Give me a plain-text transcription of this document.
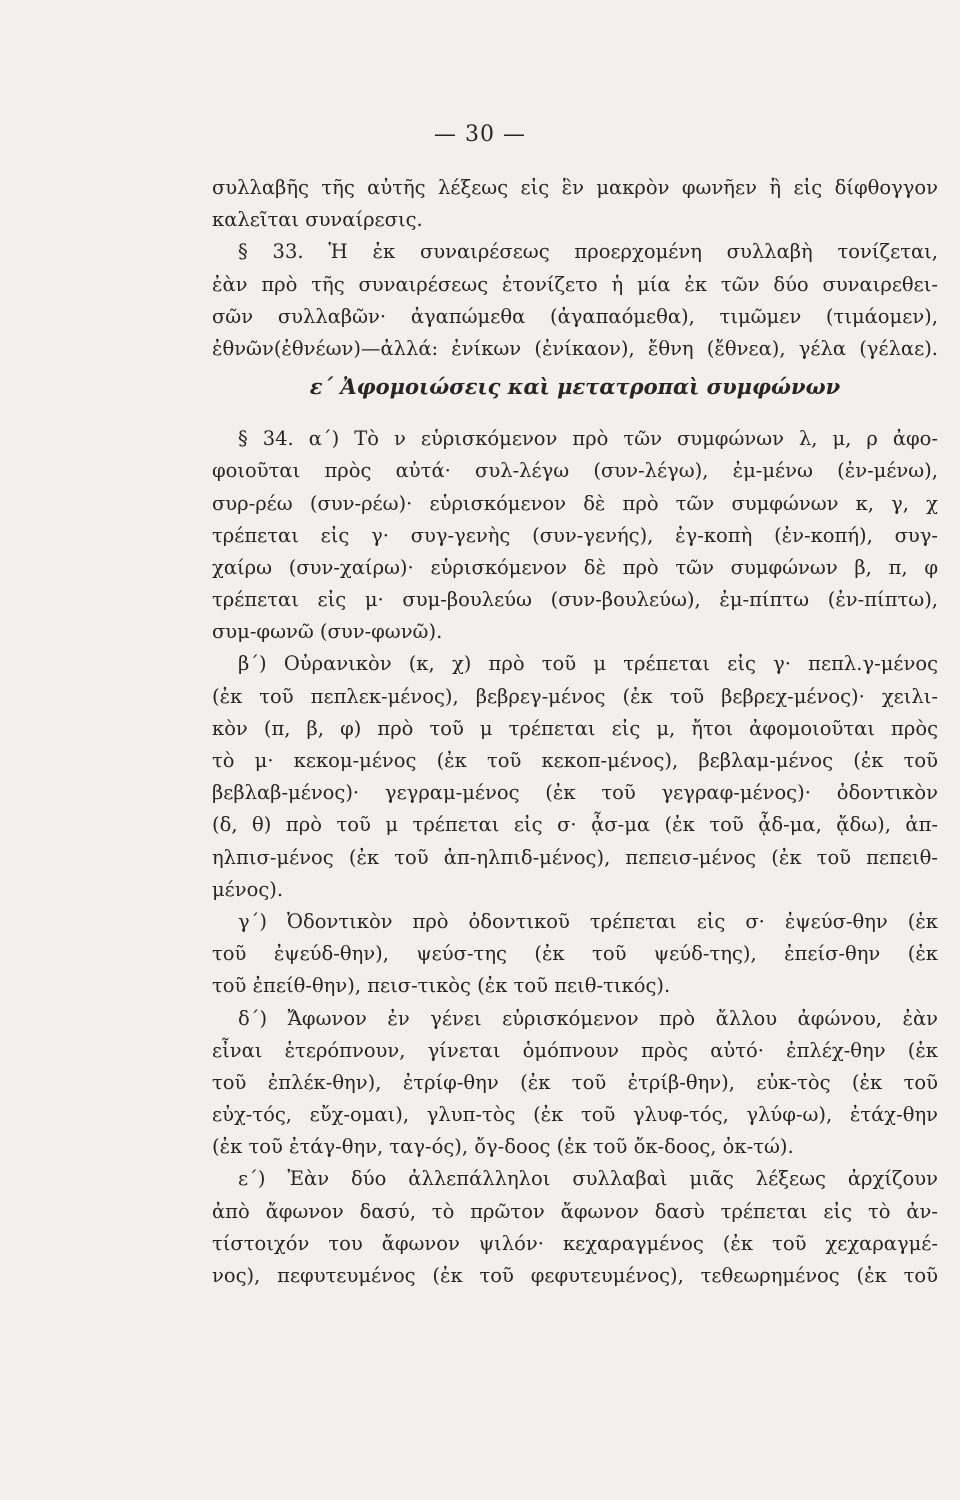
— 30 —
συλλαβῆς τῆς αὐτῆς λέξεως εἰς ἓν μακρὸν φωνῆεν ἢ εἰς δίφθογγον
καλεῖται συναίρεσις.
§ 33. Ἡ ἐκ συναιρέσεως προερχομένη συλλαβὴ τονίζεται,
ἐὰν πρὸ τῆς συναιρέσεως ἐτονίζετο ἡ μία ἐκ τῶν δύο συναιρεθει-
σῶν συλλαβῶν· ἀγαπώμεθα (ἀγαπαόμεθα), τιμῶμεν (τιμάομεν),
ἐθνῶν(ἐθνέων)—ἀλλά: ἐνίκων (ἐνίκαον), ἔθνη (ἔθνεα), γέλα (γέλαε).
ε΄ Ἀφομοιώσεις καὶ μετατροπαὶ συμφώνων
§ 34. α΄) Τὸ ν εὑρισκόμενον πρὸ τῶν συμφώνων λ, μ, ρ ἀφο-
φοιοῦται πρὸς αὐτά· συλ-λέγω (συν-λέγω), ἐμ-μένω (ἐν-μένω),
συρ-ρέω (συν-ρέω)· εὑρισκόμενον δὲ πρὸ τῶν συμφώνων κ, γ, χ
τρέπεται εἰς γ· συγ-γενὴς (συν-γενής), ἐγ-κοπὴ (ἐν-κοπή), συγ-
χαίρω (συν-χαίρω)· εὑρισκόμενον δὲ πρὸ τῶν συμφώνων β, π, φ
τρέπεται εἰς μ· συμ-βουλεύω (συν-βουλεύω), ἐμ-πίπτω (ἐν-πίπτω),
συμ-φωνῶ (συν-φωνῶ).
β΄) Οὐρανικὸν (κ, χ) πρὸ τοῦ μ τρέπεται εἰς γ· πεπλ.γ-μένος
(ἐκ τοῦ πεπλεκ-μένος), βεβρεγ-μένος (ἐκ τοῦ βεβρεχ-μένος)· χειλι-
κὸν (π, β, φ) πρὸ τοῦ μ τρέπεται εἰς μ, ἤτοι ἀφομοιοῦται πρὸς
τὸ μ· κεκομ-μένος (ἐκ τοῦ κεκοπ-μένος), βεβλαμ-μένος (ἐκ τοῦ
βεβλαβ-μένος)· γεγραμ-μένος (ἐκ τοῦ γεγραφ-μένος)· ὀδοντικὸν
(δ, θ) πρὸ τοῦ μ τρέπεται εἰς σ· ᾆσ-μα (ἐκ τοῦ ᾆδ-μα, ᾄδω), ἀπ-
ηλπισ-μένος (ἐκ τοῦ ἀπ-ηλπιδ-μένος), πεπεισ-μένος (ἐκ τοῦ πεπειθ-
μένος).
γ΄) Ὀδοντικὸν πρὸ ὀδοντικοῦ τρέπεται εἰς σ· ἐψεύσ-θην (ἐκ
τοῦ ἐψεύδ-θην), ψεύσ-της (ἐκ τοῦ ψεύδ-της), ἐπείσ-θην (ἐκ
τοῦ ἐπείθ-θην), πεισ-τικὸς (ἐκ τοῦ πειθ-τικός).
δ΄) Ἄφωνον ἐν γένει εὑρισκόμενον πρὸ ἄλλου ἀφώνου, ἐὰν
εἶναι ἑτερόπνουν, γίνεται ὁμόπνουν πρὸς αὐτό· ἐπλέχ-θην (ἐκ
τοῦ ἐπλέκ-θην), ἐτρίφ-θην (ἐκ τοῦ ἐτρίβ-θην), εὐκ-τὸς (ἐκ τοῦ
εὐχ-τός, εὔχ-ομαι), γλυπ-τὸς (ἐκ τοῦ γλυφ-τός, γλύφ-ω), ἐτάχ-θην
(ἐκ τοῦ ἐτάγ-θην, ταγ-ός), ὄγ-δοος (ἐκ τοῦ ὄκ-δοος, ὀκ-τώ).
ε΄) Ἐὰν δύο ἀλλεπάλληλοι συλλαβαὶ μιᾶς λέξεως ἀρχίζουν
ἀπὸ ἄφωνον δασύ, τὸ πρῶτον ἄφωνον δασὺ τρέπεται εἰς τὸ ἀν-
τίστοιχόν του ἄφωνον ψιλόν· κεχαραγμένος (ἐκ τοῦ χεχαραγμέ-
νος), πεφυτευμένος (ἐκ τοῦ φεφυτευμένος), τεθεωρημένος (ἐκ τοῦ
